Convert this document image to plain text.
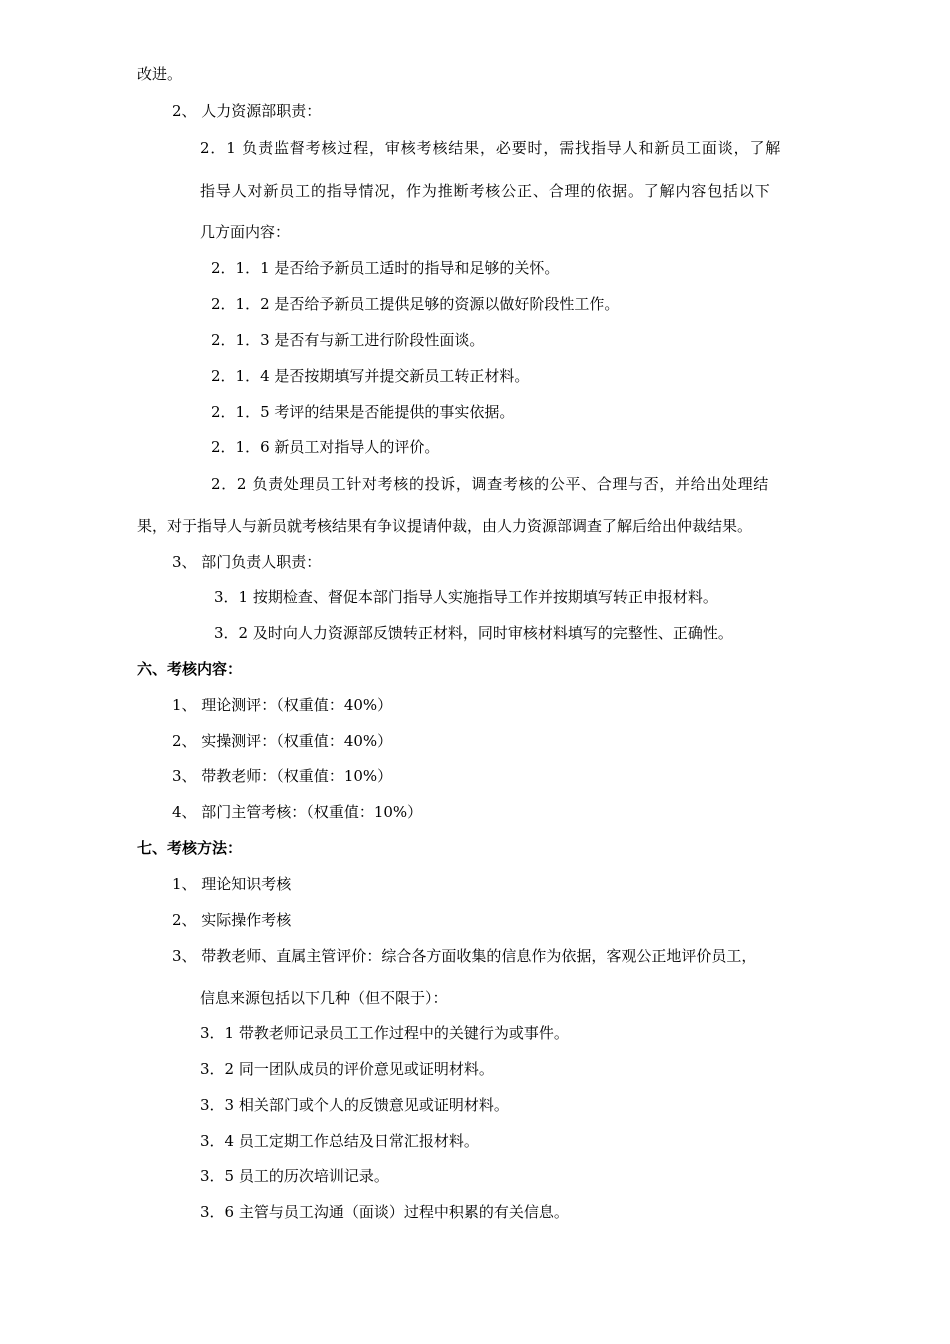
改进。
2、 人力资源部职责：
2．1 负责监督考核过程，审核考核结果，必要时，需找指导人和新员工面谈，了解
指导人对新员工的指导情况，作为推断考核公正、合理的依据。了解内容包括以下
几方面内容：
2．1．1 是否给予新员工适时的指导和足够的关怀。
2．1．2 是否给予新员工提供足够的资源以做好阶段性工作。
2．1．3 是否有与新工进行阶段性面谈。
2．1．4 是否按期填写并提交新员工转正材料。
2．1．5 考评的结果是否能提供的事实依据。
2．1．6 新员工对指导人的评价。
2．2 负责处理员工针对考核的投诉，调查考核的公平、合理与否，并给出处理结
果，对于指导人与新员就考核结果有争议提请仲裁，由人力资源部调查了解后给出仲裁结果。
3、 部门负责人职责：
3．1 按期检查、督促本部门指导人实施指导工作并按期填写转正申报材料。
3．2 及时向人力资源部反馈转正材料，同时审核材料填写的完整性、正确性。
六、考核内容：
1、 理论测评：（权重值：40%）
2、 实操测评：（权重值：40%）
3、 带教老师：（权重值：10%）
4、 部门主管考核：（权重值：10%）
七、考核方法：
1、 理论知识考核
2、 实际操作考核
3、 带教老师、直属主管评价：综合各方面收集的信息作为依据，客观公正地评价员工，
信息来源包括以下几种（但不限于）：
3．1 带教老师记录员工工作过程中的关键行为或事件。
3．2 同一团队成员的评价意见或证明材料。
3．3 相关部门或个人的反馈意见或证明材料。
3．4 员工定期工作总结及日常汇报材料。
3．5 员工的历次培训记录。
3．6 主管与员工沟通（面谈）过程中积累的有关信息。
